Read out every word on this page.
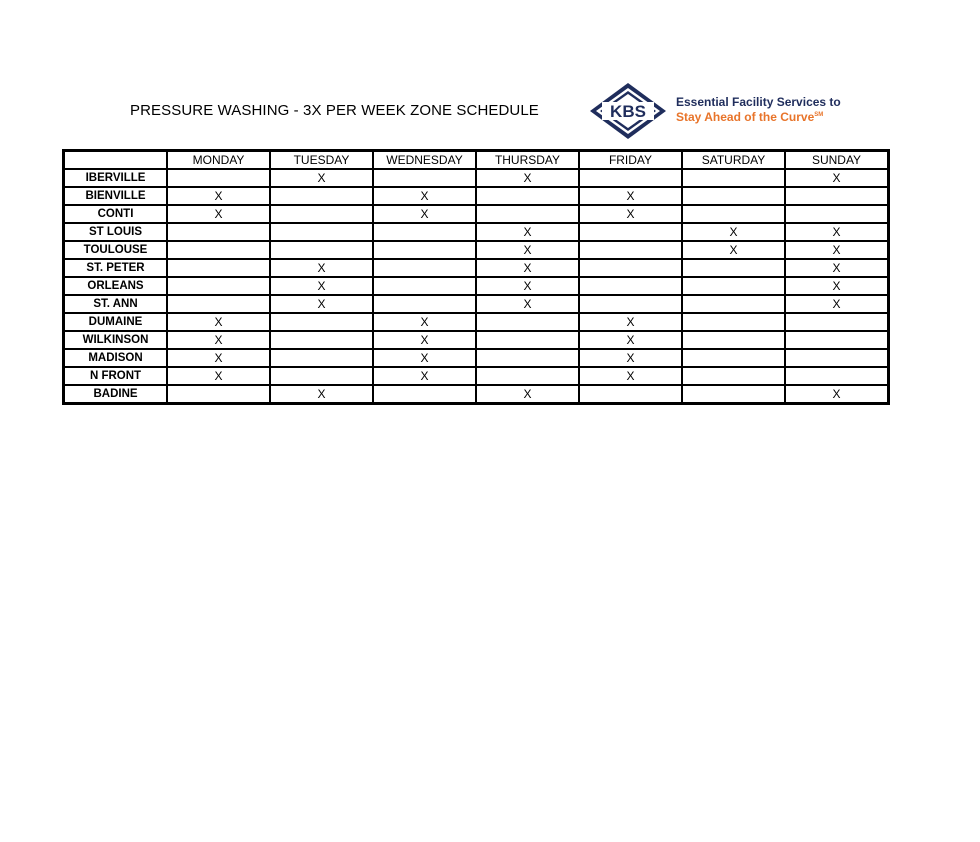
PRESSURE WASHING - 3X PER WEEK ZONE SCHEDULE	KBS	Essential Facility Services to
Stay Ahead of the Curve℠
	MONDAY	TUESDAY	WEDNESDAY	THURSDAY	FRIDAY	SATURDAY	SUNDAY
IBERVILLE		X		X			X
BIENVILLE	X		X		X		
CONTI	X		X		X		
ST LOUIS				X		X	X
TOULOUSE				X		X	X
ST. PETER		X		X			X
ORLEANS		X		X			X
ST. ANN		X		X			X
DUMAINE	X		X		X		
WILKINSON	X		X		X		
MADISON	X		X		X		
N FRONT	X		X		X		
BADINE		X		X			X
